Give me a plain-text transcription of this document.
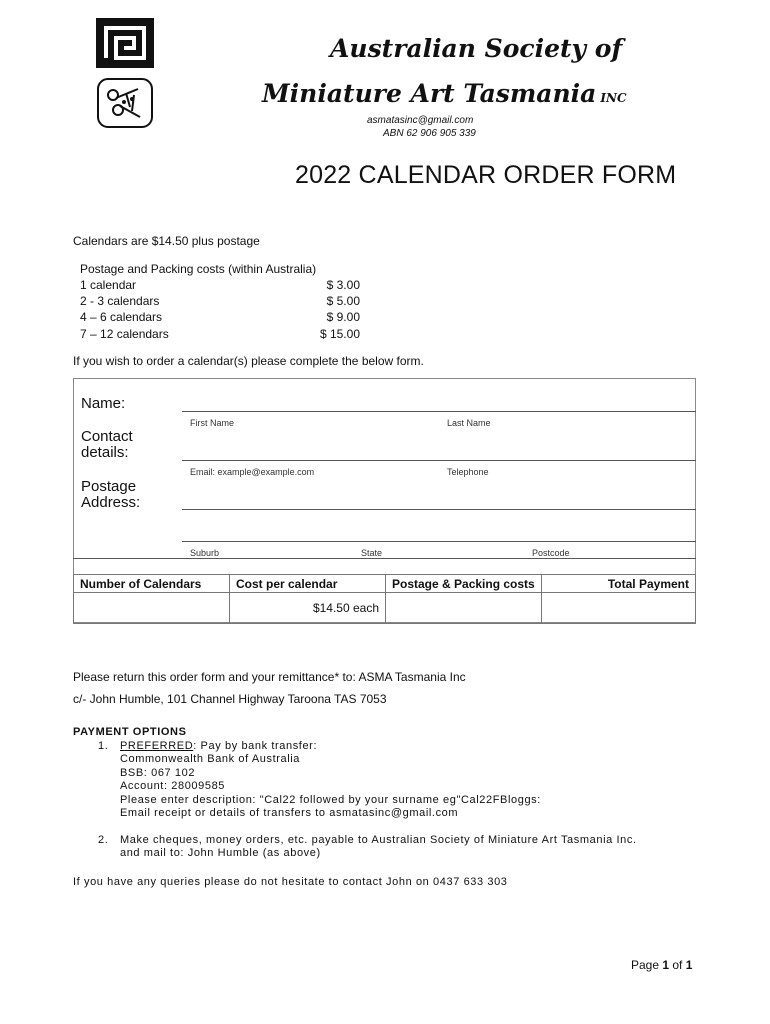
Australian Society of
Miniature Art Tasmania INC
asmatasinc@gmail.com
ABN 62 906 905 339
2022 CALENDAR ORDER FORM
Calendars are $14.50 plus postage
Postage and Packing costs (within Australia)
1 calendar	$ 3.00
2 - 3 calendars	$ 5.00
4 – 6 calendars	$ 9.00
7 – 12 calendars	$ 15.00
If you wish to order a calendar(s) please complete the below form.
Name:
Contact
details:
Postage
Address:
First Name	Last Name
Email: example@example.com	Telephone
Suburb	State	Postcode
Number of Calendars	Cost per calendar	Postage & Packing costs	Total Payment
	$14.50 each		
Please return this order form and your remittance* to: ASMA Tasmania Inc
c/- John Humble, 101 Channel Highway Taroona TAS 7053
PAYMENT OPTIONS
1. PREFERRED: Pay by bank transfer:
Commonwealth Bank of Australia
BSB: 067 102
Account: 28009585
Please enter description: "Cal22 followed by your surname eg"Cal22FBloggs:
Email receipt or details of transfers to asmatasinc@gmail.com
2. Make cheques, money orders, etc. payable to Australian Society of Miniature Art Tasmania Inc.
and mail to: John Humble (as above)
If you have any queries please do not hesitate to contact John on 0437 633 303
Page 1 of 1
